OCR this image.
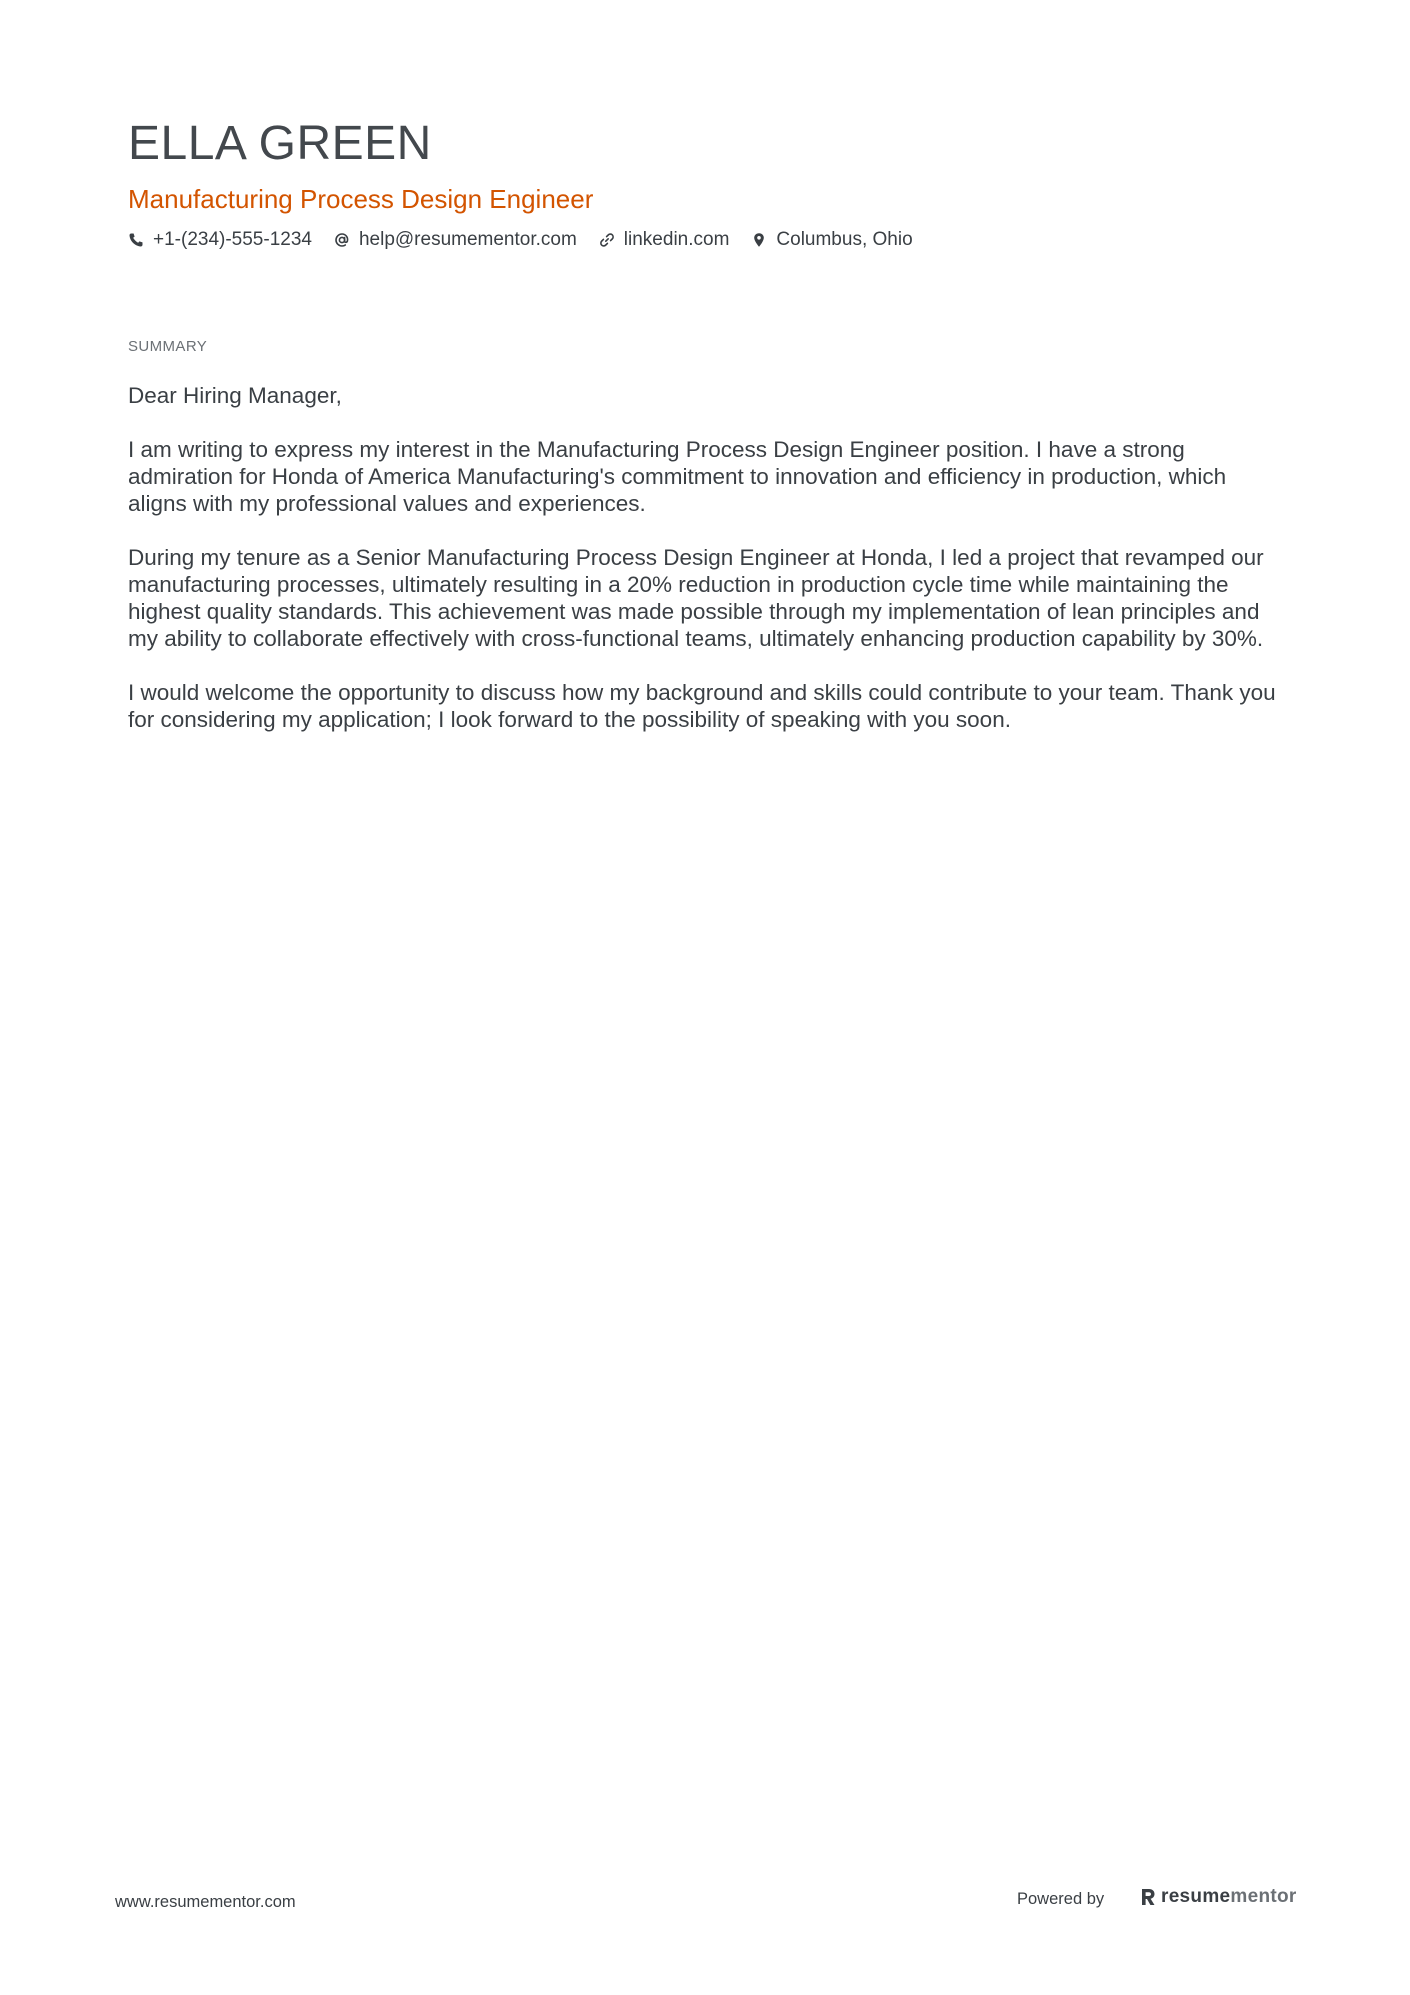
ELLA GREEN
Manufacturing Process Design Engineer
+1-(234)-555-1234 help@resumementor.com linkedin.com Columbus, Ohio
SUMMARY

Dear Hiring Manager,

I am writing to express my interest in the Manufacturing Process Design Engineer position. I have a strong admiration for Honda of America Manufacturing's commitment to innovation and efficiency in production, which aligns with my professional values and experiences.

During my tenure as a Senior Manufacturing Process Design Engineer at Honda, I led a project that revamped our manufacturing processes, ultimately resulting in a 20% reduction in production cycle time while maintaining the highest quality standards. This achievement was made possible through my implementation of lean principles and my ability to collaborate effectively with cross-functional teams, ultimately enhancing production capability by 30%.

I would welcome the opportunity to discuss how my background and skills could contribute to your team. Thank you for considering my application; I look forward to the possibility of speaking with you soon.

www.resumementor.com	Powered by	resume mentor
